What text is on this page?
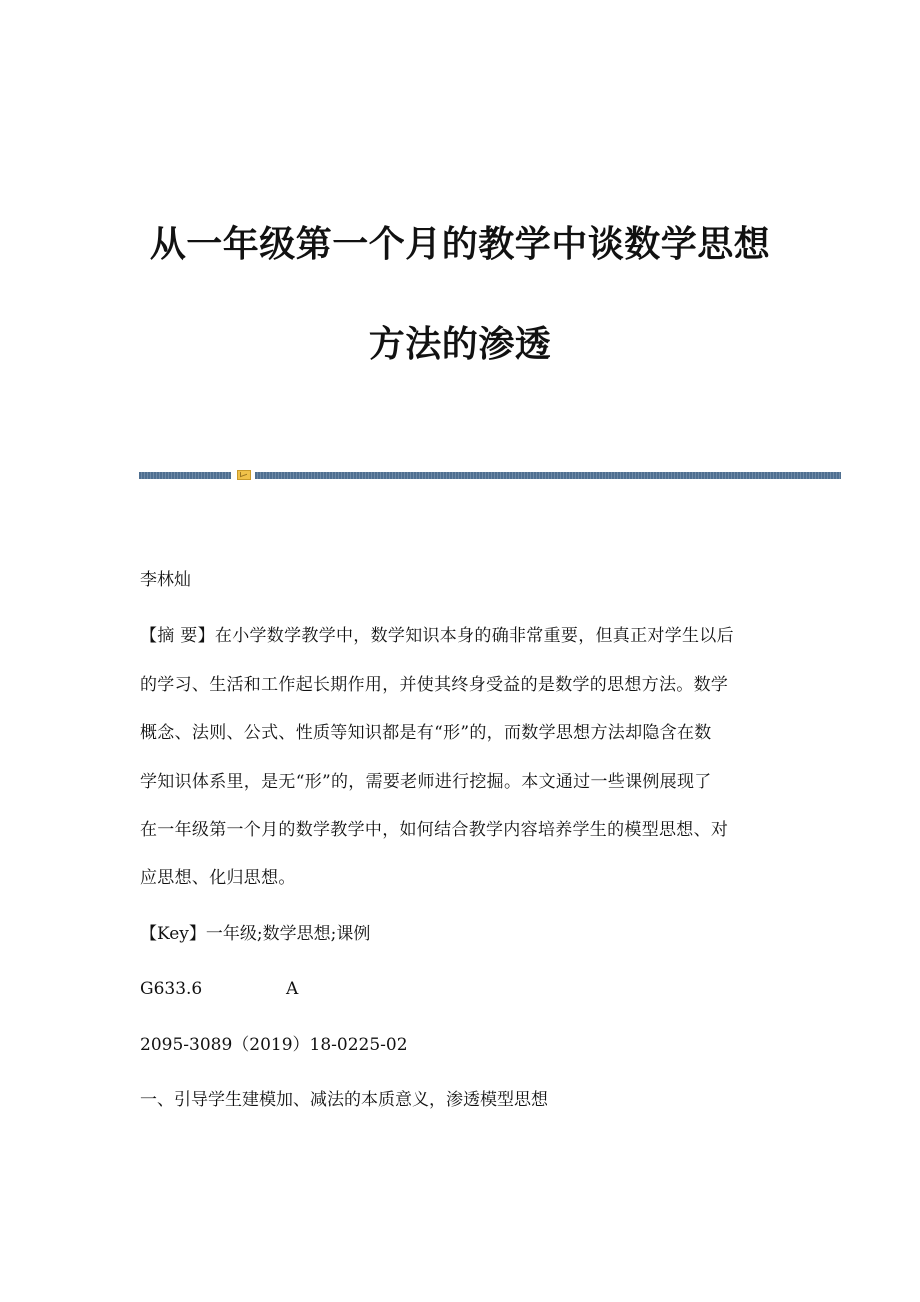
从一年级第一个月的教学中谈数学思想
方法的渗透
李林灿
【摘 要】在小学数学教学中，数学知识本身的确非常重要，但真正对学生以后
的学习、生活和工作起长期作用，并使其终身受益的是数学的思想方法。数学
概念、法则、公式、性质等知识都是有“形”的，而数学思想方法却隐含在数
学知识体系里，是无“形”的，需要老师进行挖掘。本文通过一些课例展现了
在一年级第一个月的数学教学中，如何结合教学内容培养学生的模型思想、对
应思想、化归思想。
【Key】一年级;数学思想;课例
G633.6	A
2095-3089（2019）18-0225-02
一、引导学生建模加、减法的本质意义，渗透模型思想
